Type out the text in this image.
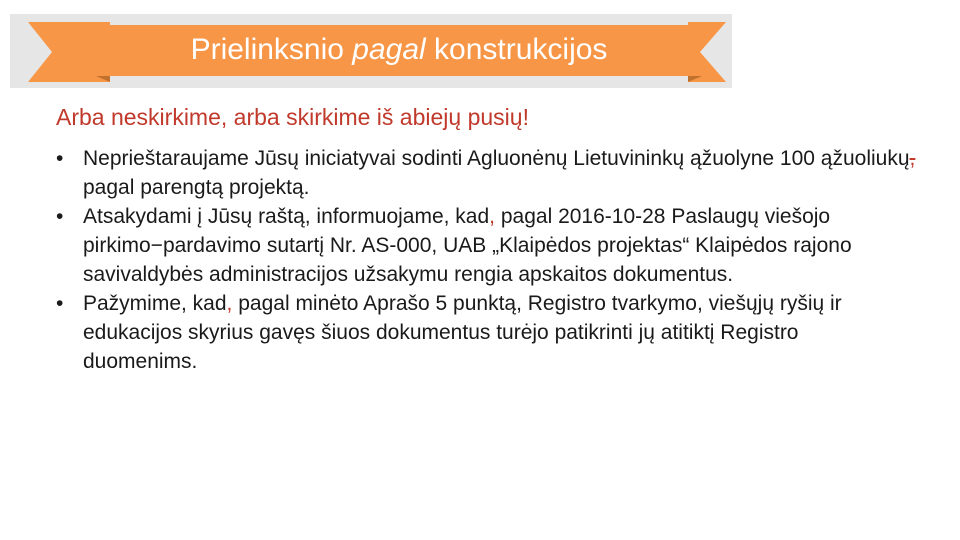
Prielinksnio pagal konstrukcijos
Arba neskirkime, arba skirkime iš abiejų pusių!
• Neprieštaraujame Jūsų iniciatyvai sodinti Agluonėnų Lietuvininkų ąžuolyne 100 ąžuoliukų, pagal parengtą projektą.
• Atsakydami į Jūsų raštą, informuojame, kad, pagal 2016-10-28 Paslaugų viešojo pirkimo−pardavimo sutartį Nr. AS-000, UAB „Klaipėdos projektas“ Klaipėdos rajono savivaldybės administracijos užsakymu rengia apskaitos dokumentus.
• Pažymime, kad, pagal minėto Aprašo 5 punktą, Registro tvarkymo, viešųjų ryšių ir edukacijos skyrius gavęs šiuos dokumentus turėjo patikrinti jų atitiktį Registro duomenims.
